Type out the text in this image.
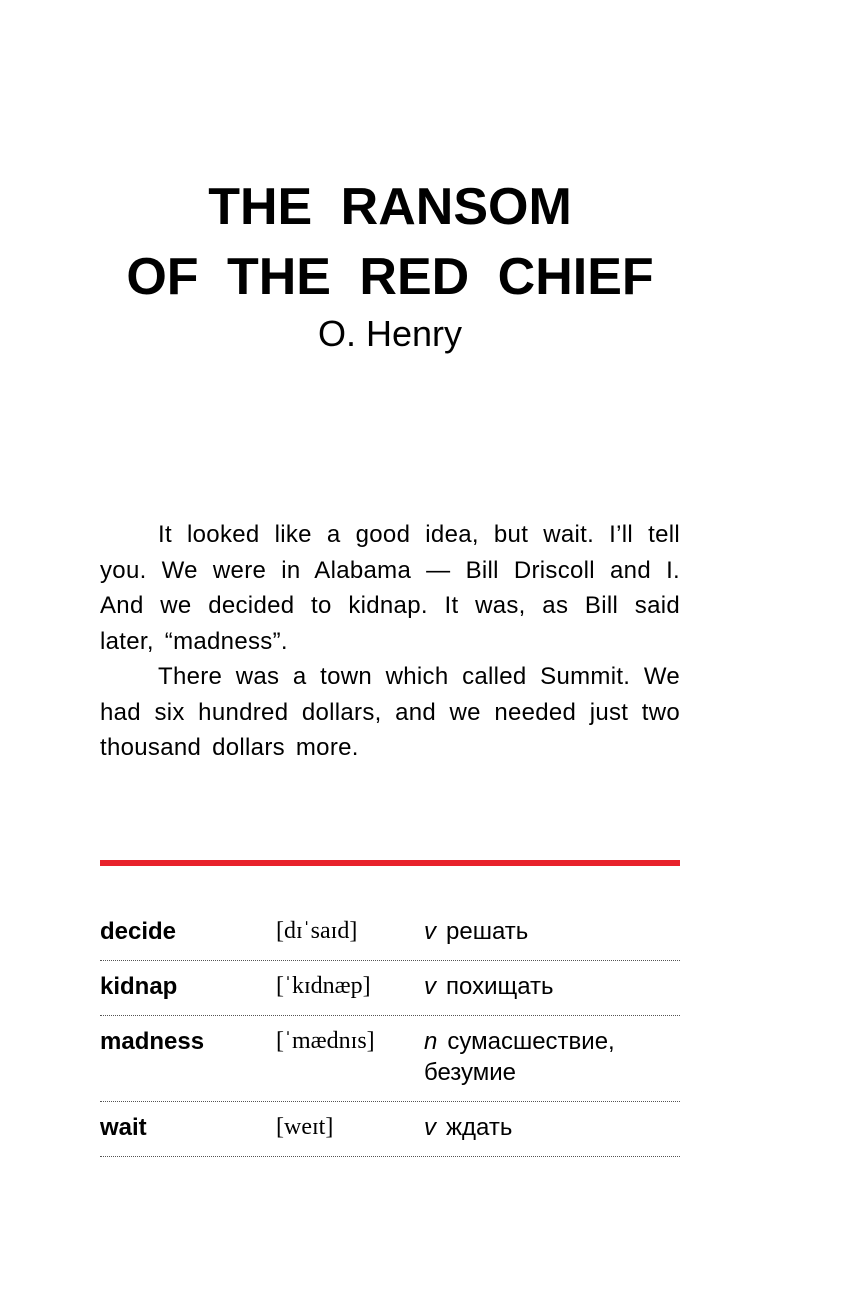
THE RANSOM
OF THE RED CHIEF
O. Henry

It looked like a good idea, but wait. I’ll tell you. We were in Alabama — Bill Driscoll and I. And we decided to kidnap. It was, as Bill said later, “madness”.

There was a town which called Summit. We had six hundred dollars, and we needed just two thousand dollars more.

decide	[dɪˈsaɪd]	v решать
kidnap	[ˈkɪdnæp] v похищать
madness	[ˈmædnɪs] n сумасшествие, безумие
wait	[weɪt]	v ждать
